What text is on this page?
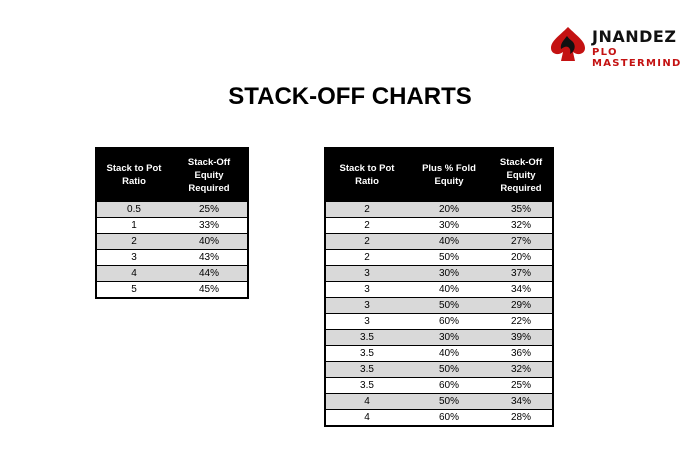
JNANDEZ
PLO MASTERMIND
STACK-OFF CHARTS
Stack to Pot Ratio	Stack-Off Equity Required
0.5	25%
1	33%
2	40%
3	43%
4	44%
5	45%
Stack to Pot Ratio	Plus % Fold Equity	Stack-Off Equity Required
2	20%	35%
2	30%	32%
2	40%	27%
2	50%	20%
3	30%	37%
3	40%	34%
3	50%	29%
3	60%	22%
3.5	30%	39%
3.5	40%	36%
3.5	50%	32%
3.5	60%	25%
4	50%	34%
4	60%	28%
